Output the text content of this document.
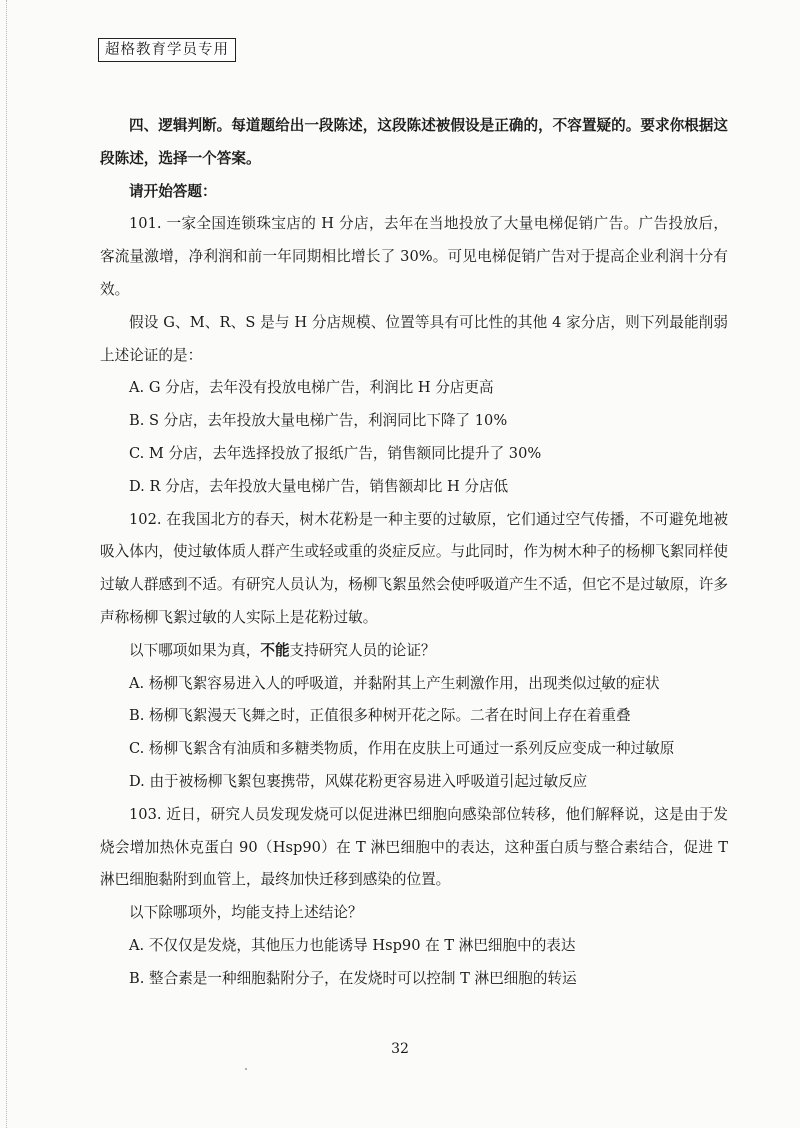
超格教育学员专用

四、逻辑判断。每道题给出一段陈述，这段陈述被假设是正确的，不容置疑的。要求你根据这段陈述，选择一个答案。

请开始答题：

101. 一家全国连锁珠宝店的 H 分店，去年在当地投放了大量电梯促销广告。广告投放后，客流量激增，净利润和前一年同期相比增长了 30%。可见电梯促销广告对于提高企业利润十分有效。

假设 G、M、R、S 是与 H 分店规模、位置等具有可比性的其他 4 家分店，则下列最能削弱上述论证的是：

A. G 分店，去年没有投放电梯广告，利润比 H 分店更高

B. S 分店，去年投放大量电梯广告，利润同比下降了 10%

C. M 分店，去年选择投放了报纸广告，销售额同比提升了 30%

D. R 分店，去年投放大量电梯广告，销售额却比 H 分店低

102. 在我国北方的春天，树木花粉是一种主要的过敏原，它们通过空气传播，不可避免地被吸入体内，使过敏体质人群产生或轻或重的炎症反应。与此同时，作为树木种子的杨柳飞絮同样使过敏人群感到不适。有研究人员认为，杨柳飞絮虽然会使呼吸道产生不适，但它不是过敏原，许多声称杨柳飞絮过敏的人实际上是花粉过敏。

以下哪项如果为真，不能支持研究人员的论证？

A. 杨柳飞絮容易进入人的呼吸道，并黏附其上产生刺激作用，出现类似过敏的症状

B. 杨柳飞絮漫天飞舞之时，正值很多种树开花之际。二者在时间上存在着重叠

C. 杨柳飞絮含有油质和多糖类物质，作用在皮肤上可通过一系列反应变成一种过敏原

D. 由于被杨柳飞絮包裹携带，风媒花粉更容易进入呼吸道引起过敏反应

103. 近日，研究人员发现发烧可以促进淋巴细胞向感染部位转移，他们解释说，这是由于发烧会增加热休克蛋白 90（Hsp90）在 T 淋巴细胞中的表达，这种蛋白质与整合素结合，促进 T 淋巴细胞黏附到血管上，最终加快迁移到感染的位置。

以下除哪项外，均能支持上述结论？

A. 不仅仅是发烧，其他压力也能诱导 Hsp90 在 T 淋巴细胞中的表达

B. 整合素是一种细胞黏附分子，在发烧时可以控制 T 淋巴细胞的转运

32
